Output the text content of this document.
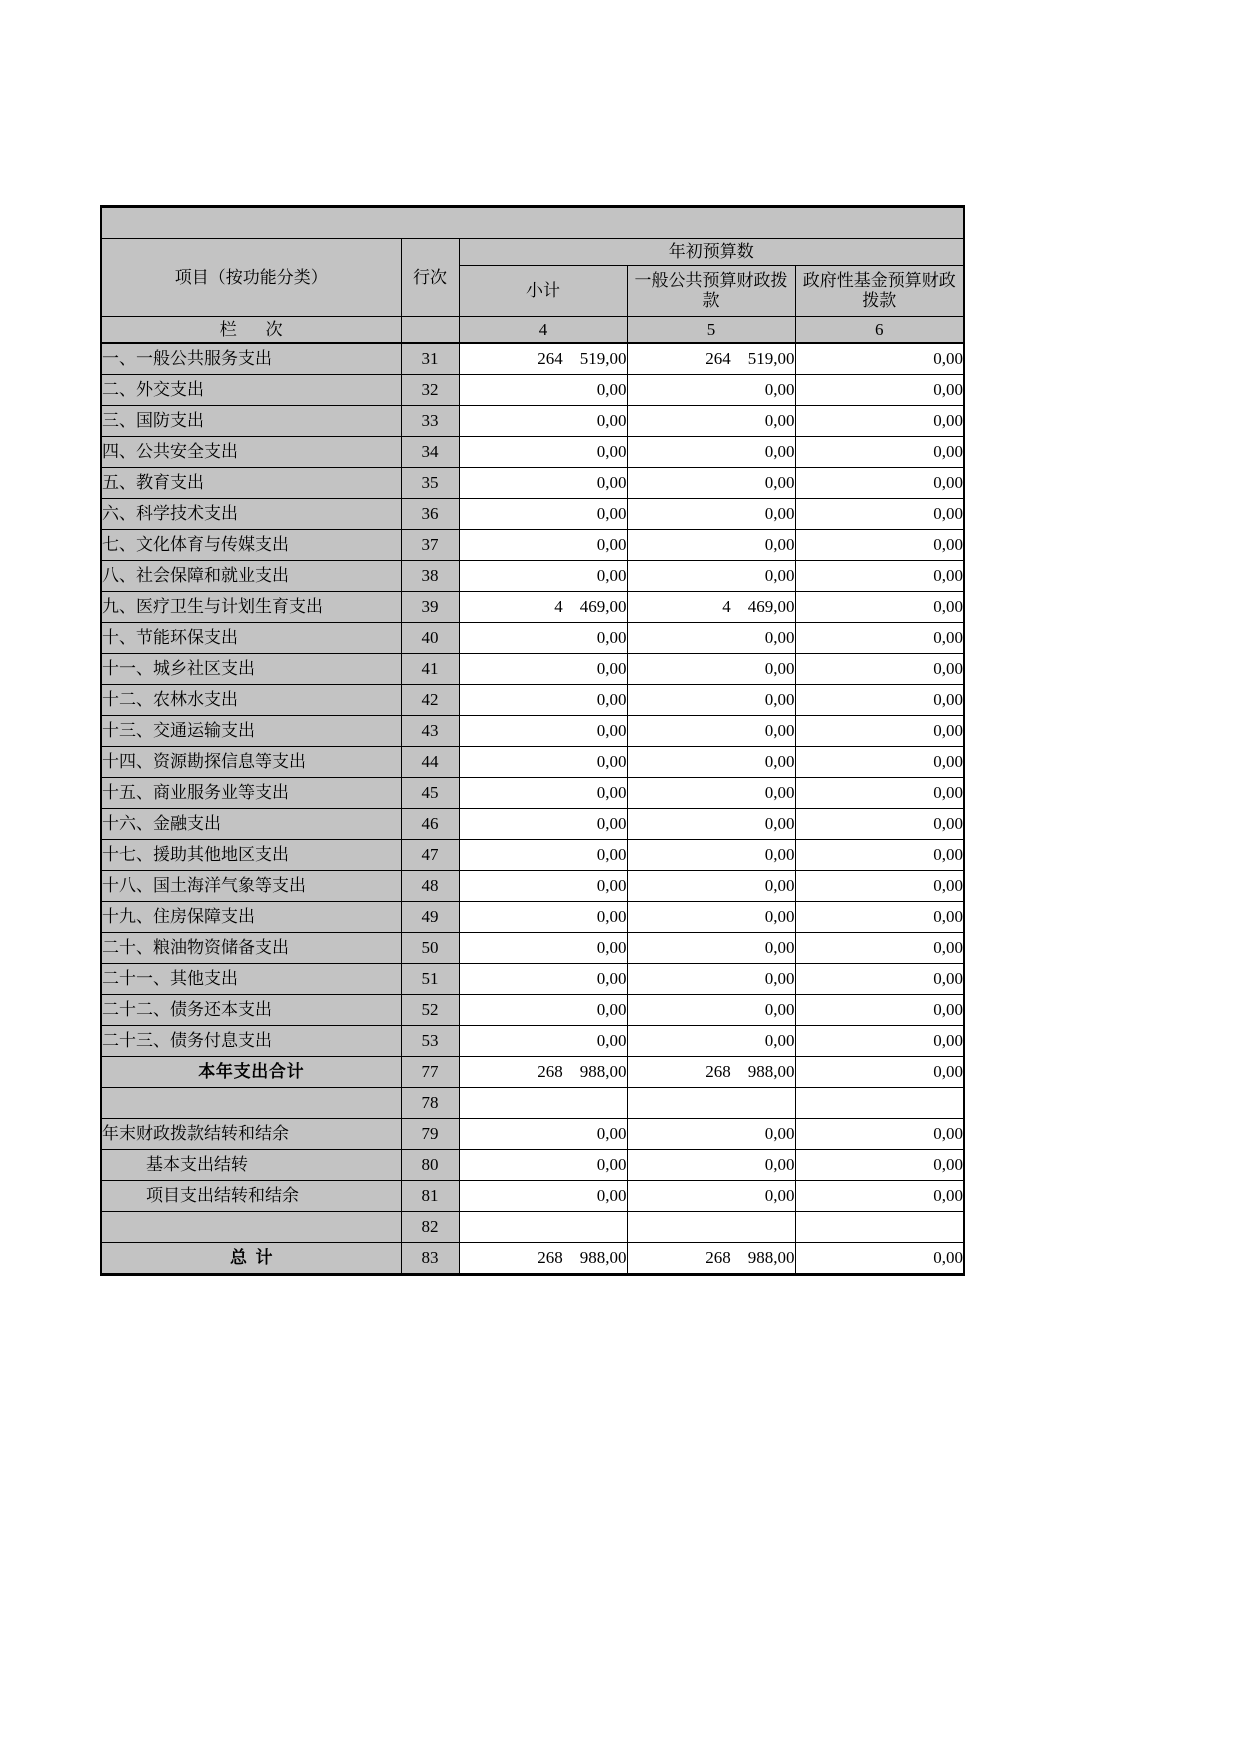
项目（按功能分类）	行次	年初预算数		
		小计	一般公共预算财政拨款	政府性基金预算财政拨款
栏　次		4	5	6
一、一般公共服务支出	31	264　519,00	264　519,00	0,00
二、外交支出	32	0,00	0,00	0,00
三、国防支出	33	0,00	0,00	0,00
四、公共安全支出	34	0,00	0,00	0,00
五、教育支出	35	0,00	0,00	0,00
六、科学技术支出	36	0,00	0,00	0,00
七、文化体育与传媒支出	37	0,00	0,00	0,00
八、社会保障和就业支出	38	0,00	0,00	0,00
九、医疗卫生与计划生育支出	39	4　469,00	4　469,00	0,00
十、节能环保支出	40	0,00	0,00	0,00
十一、城乡社区支出	41	0,00	0,00	0,00
十二、农林水支出	42	0,00	0,00	0,00
十三、交通运输支出	43	0,00	0,00	0,00
十四、资源勘探信息等支出	44	0,00	0,00	0,00
十五、商业服务业等支出	45	0,00	0,00	0,00
十六、金融支出	46	0,00	0,00	0,00
十七、援助其他地区支出	47	0,00	0,00	0,00
十八、国土海洋气象等支出	48	0,00	0,00	0,00
十九、住房保障支出	49	0,00	0,00	0,00
二十、粮油物资储备支出	50	0,00	0,00	0,00
二十一、其他支出	51	0,00	0,00	0,00
二十二、债务还本支出	52	0,00	0,00	0,00
二十三、债务付息支出	53	0,00	0,00	0,00
本年支出合计	77	268　988,00	268　988,00	0,00
	78			
年末财政拨款结转和结余	79	0,00	0,00	0,00
基本支出结转	80	0,00	0,00	0,00
项目支出结转和结余	81	0,00	0,00	0,00
	82			
总计	83	268　988,00	268　988,00	0,00
